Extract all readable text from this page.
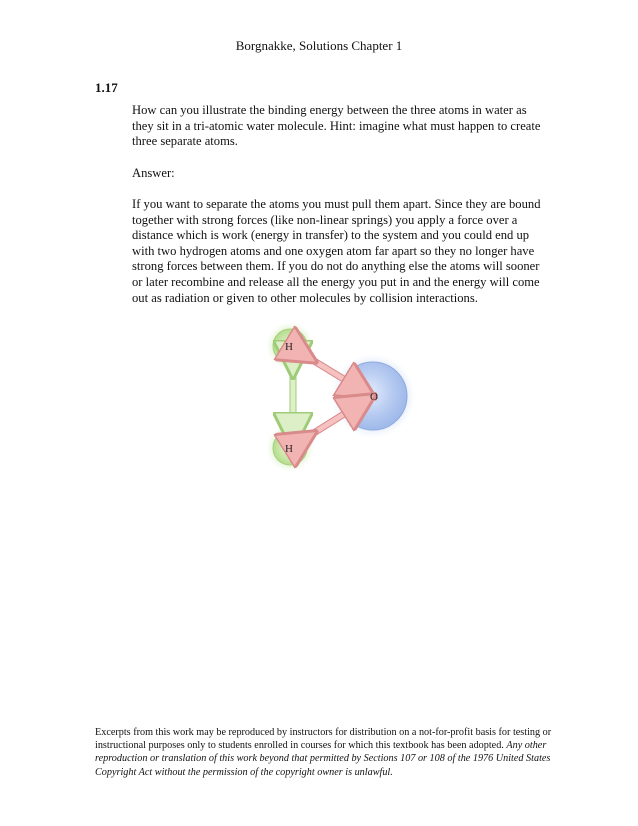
Borgnakke, Solutions Chapter 1
1.17

How can you illustrate the binding energy between the three atoms in water as they sit in a tri-atomic water molecule. Hint: imagine what must happen to create three separate atoms.

Answer:

If you want to separate the atoms you must pull them apart. Since they are bound together with strong forces (like non-linear springs) you apply a force over a distance which is work (energy in transfer) to the system and you could end up with two hydrogen atoms and one oxygen atom far apart so they no longer have strong forces between them. If you do not do anything else the atoms will sooner or later recombine and release all the energy you put in and the energy will come out as radiation or given to other molecules by collision interactions.

H
H
O

Excerpts from this work may be reproduced by instructors for distribution on a not-for-profit basis for testing or instructional purposes only to students enrolled in courses for which this textbook has been adopted. Any other reproduction or translation of this work beyond that permitted by Sections 107 or 108 of the 1976 United States Copyright Act without the permission of the copyright owner is unlawful.
